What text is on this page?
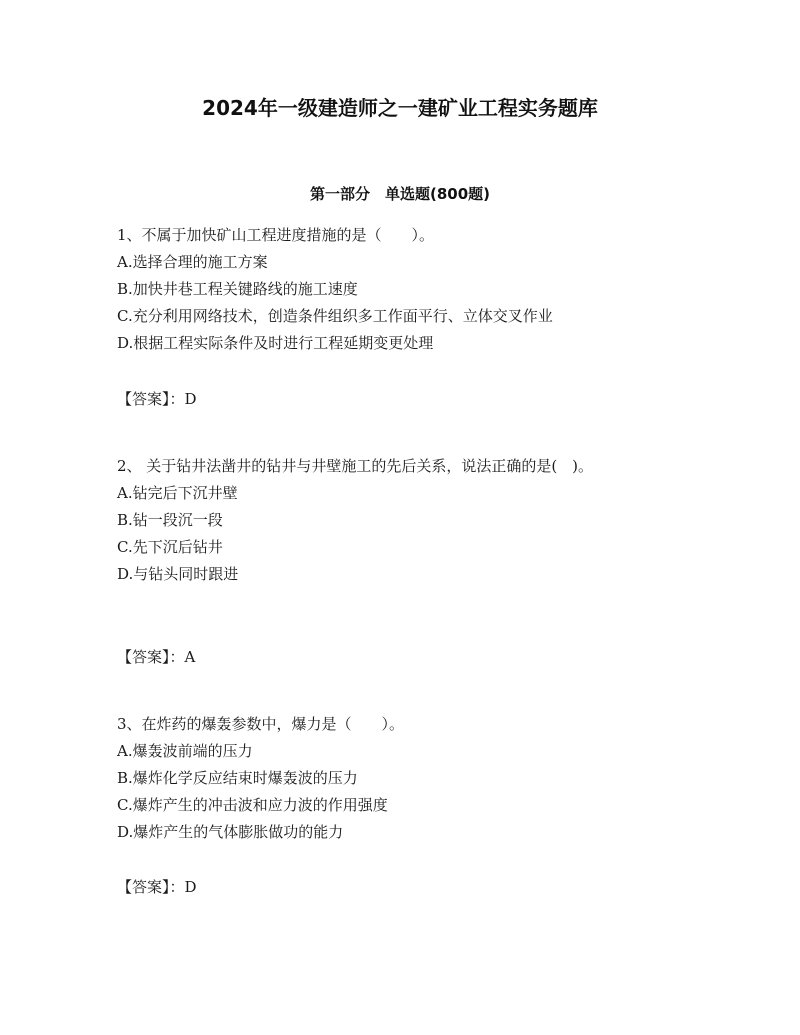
2024年一级建造师之一建矿业工程实务题库
第一部分　单选题(800题)

1、不属于加快矿山工程进度措施的是（　　）。

A.选择合理的施工方案

B.加快井巷工程关键路线的施工速度

C.充分利用网络技术，创造条件组织多工作面平行、立体交叉作业

D.根据工程实际条件及时进行工程延期变更处理

【答案】：D

2、 关于钻井法凿井的钻井与井壁施工的先后关系，说法正确的是(　)。

A.钻完后下沉井壁

B.钻一段沉一段

C.先下沉后钻井

D.与钻头同时跟进

【答案】：A

3、在炸药的爆轰参数中，爆力是（　　）。

A.爆轰波前端的压力

B.爆炸化学反应结束时爆轰波的压力

C.爆炸产生的冲击波和应力波的作用强度

D.爆炸产生的气体膨胀做功的能力

【答案】：D
